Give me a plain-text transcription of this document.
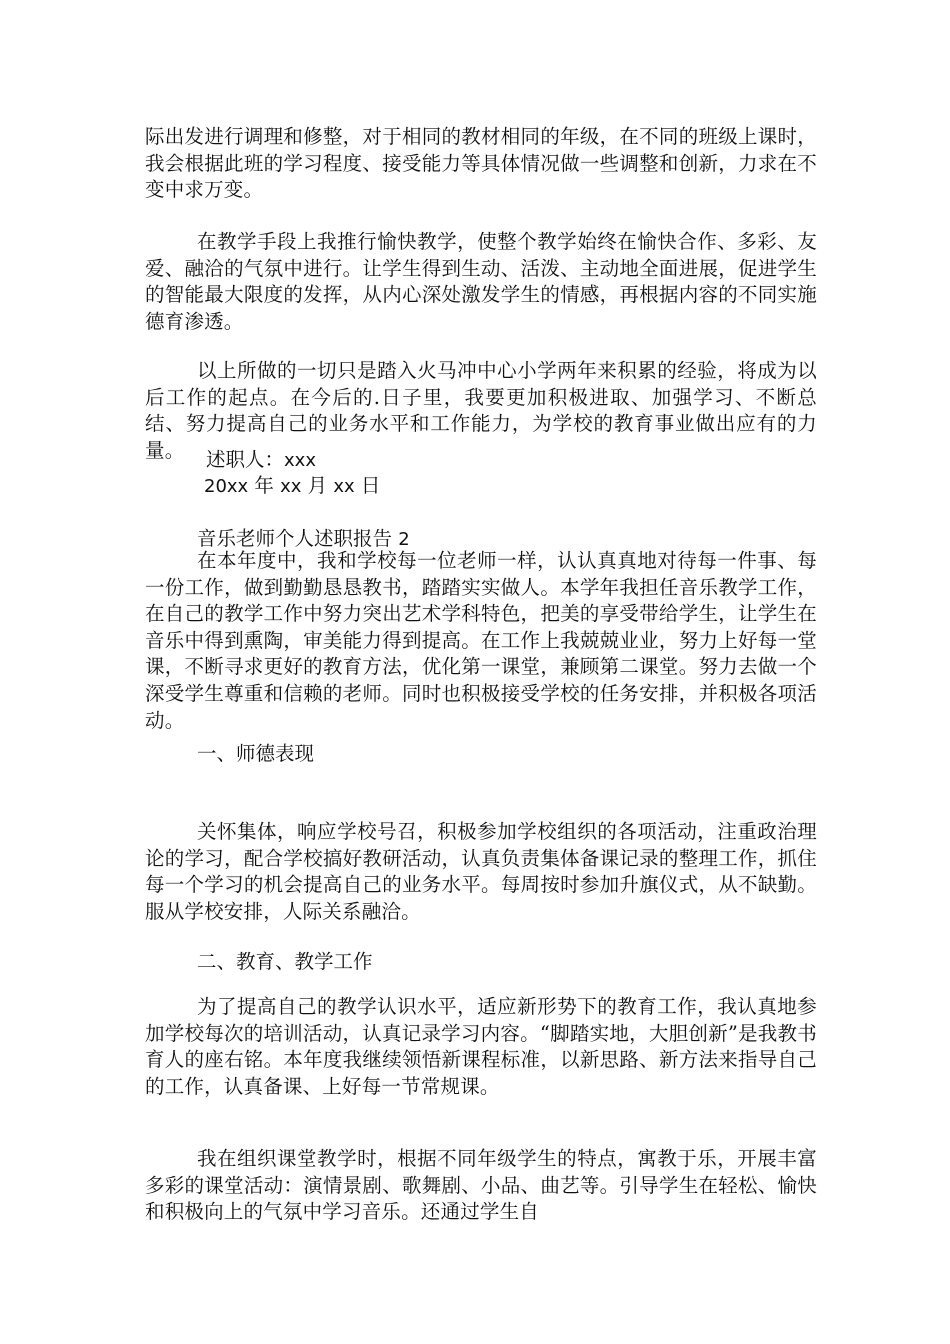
际出发进行调理和修整，对于相同的教材相同的年级，在不同的班级上课时，我会根据此班的学习程度、接受能力等具体情况做一些调整和创新，力求在不变中求万变。

在教学手段上我推行愉快教学，使整个教学始终在愉快合作、多彩、友爱、融洽的气氛中进行。让学生得到生动、活泼、主动地全面进展，促进学生的智能最大限度的发挥，从内心深处激发学生的情感，再根据内容的不同实施德育渗透。

以上所做的一切只是踏入火马冲中心小学两年来积累的经验，将成为以后工作的起点。在今后的.日子里，我要更加积极进取、加强学习、不断总结、努力提高自己的业务水平和工作能力，为学校的教育事业做出应有的力量。	述职人：xxx
20xx 年 xx 月 xx 日
音乐老师个人述职报告 2

在本年度中，我和学校每一位老师一样，认认真真地对待每一件事、每一份工作，做到勤勤恳恳教书，踏踏实实做人。本学年我担任音乐教学工作，在自己的教学工作中努力突出艺术学科特色，把美的享受带给学生，让学生在音乐中得到熏陶，审美能力得到提高。在工作上我兢兢业业，努力上好每一堂课，不断寻求更好的教育方法，优化第一课堂，兼顾第二课堂。努力去做一个深受学生尊重和信赖的老师。同时也积极接受学校的任务安排，并积极各项活动。

一、师德表现

关怀集体，响应学校号召，积极参加学校组织的各项活动，注重政治理论的学习，配合学校搞好教研活动，认真负责集体备课记录的整理工作，抓住每一个学习的机会提高自己的业务水平。每周按时参加升旗仪式，从不缺勤。服从学校安排，人际关系融洽。

二、教育、教学工作

为了提高自己的教学认识水平，适应新形势下的教育工作，我认真地参加学校每次的培训活动，认真记录学习内容。“脚踏实地，大胆创新”是我教书育人的座右铭。本年度我继续领悟新课程标准，以新思路、新方法来指导自己的工作，认真备课、上好每一节常规课。

我在组织课堂教学时，根据不同年级学生的特点，寓教于乐，开展丰富多彩的课堂活动：演情景剧、歌舞剧、小品、曲艺等。引导学生在轻松、愉快和积极向上的气氛中学习音乐。还通过学生自
